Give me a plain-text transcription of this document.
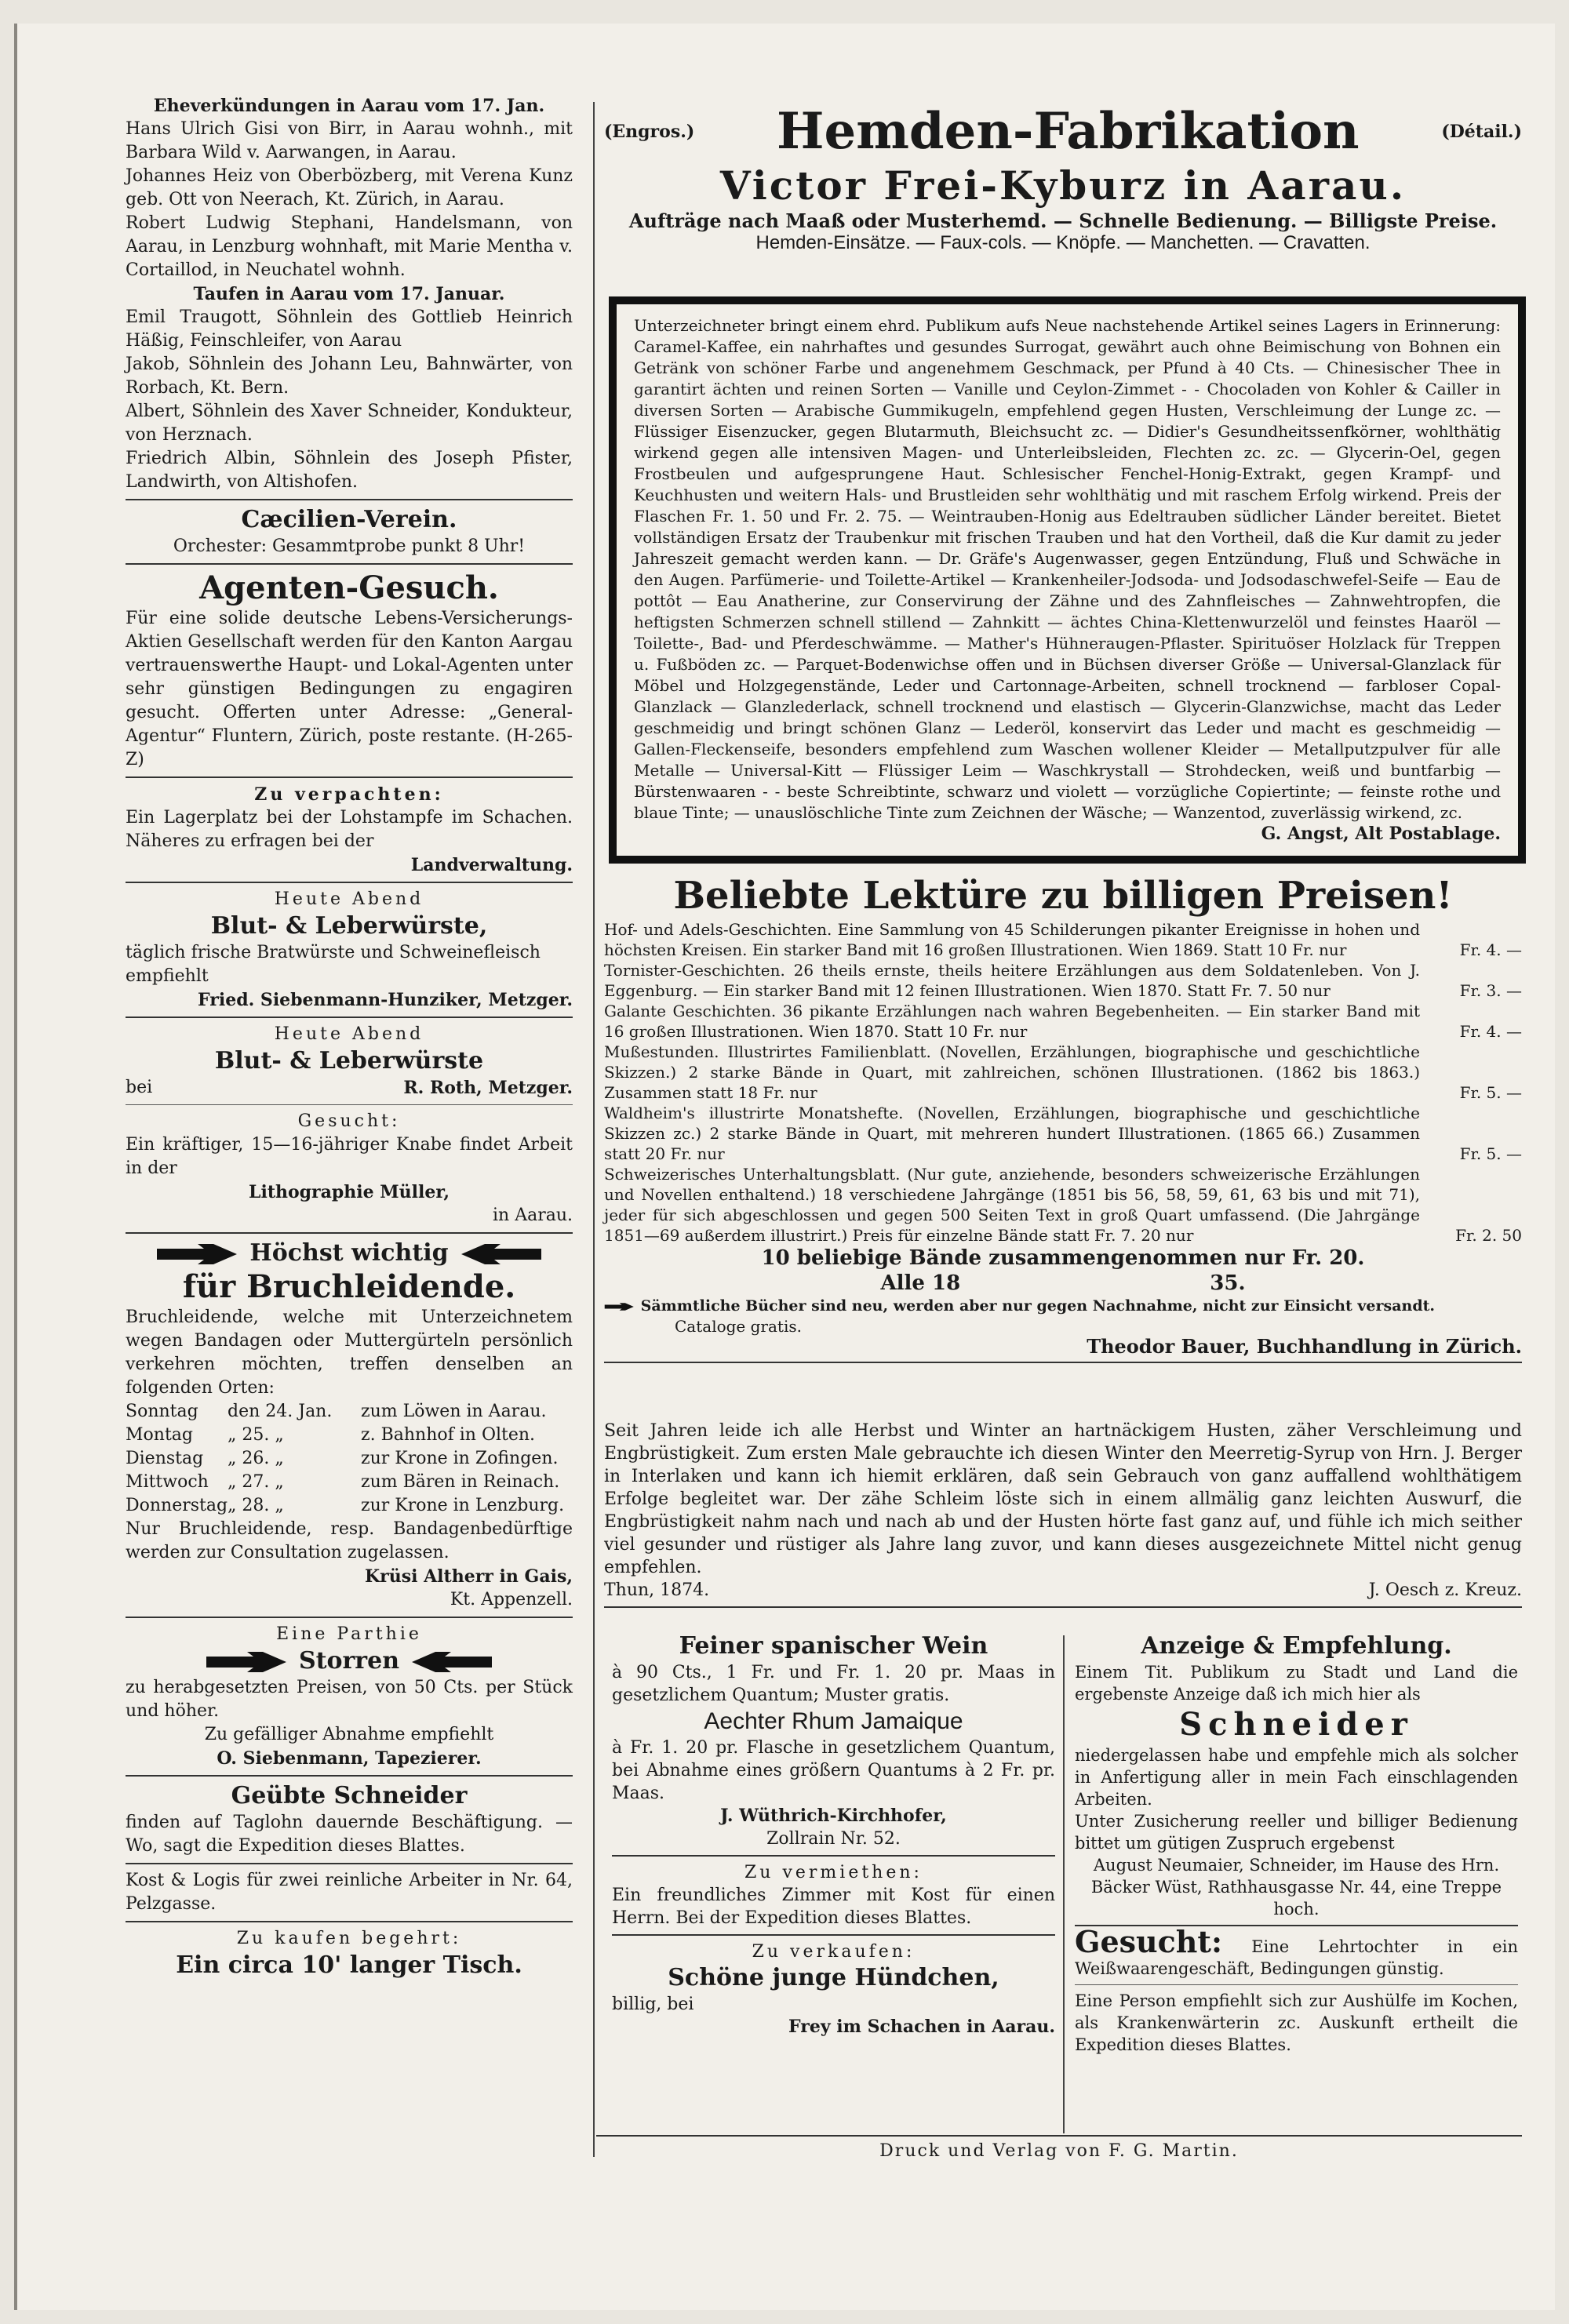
Eheverkündungen in Aarau vom 17. Jan.
Hans Ulrich Gisi von Birr, in Aarau wohnh., mit Barbara Wild v. Aarwangen, in Aarau.
Johannes Heiz von Oberbözberg, mit Verena Kunz geb. Ott von Neerach, Kt. Zürich, in Aarau.
Robert Ludwig Stephani, Handelsmann, von Aarau, in Lenzburg wohnhaft, mit Marie Mentha v. Cortaillod, in Neuchatel wohnh.
Taufen in Aarau vom 17. Januar.
Emil Traugott, Söhnlein des Gottlieb Heinrich Häßig, Feinschleifer, von Aarau
Jakob, Söhnlein des Johann Leu, Bahnwärter, von Rorbach, Kt. Bern.
Albert, Söhnlein des Xaver Schneider, Kondukteur, von Herznach.
Friedrich Albin, Söhnlein des Joseph Pfister, Landwirth, von Altishofen.
Cæcilien-Verein.
Orchester: Gesammtprobe punkt 8 Uhr!
Agenten-Gesuch.
Für eine solide deutsche Lebens-Versicherungs-Aktien Gesellschaft werden für den Kanton Aargau vertrauenswerthe Haupt- und Lokal-Agenten unter sehr günstigen Bedingungen zu engagiren gesucht. Offerten unter Adresse: „General-Agentur“ Fluntern, Zürich, poste restante. (H-265-Z)
Zu verpachten:
Ein Lagerplatz bei der Lohstampfe im Schachen. Näheres zu erfragen bei der
Landverwaltung.
Heute Abend
Blut- & Leberwürste,
täglich frische Bratwürste und Schweinefleisch empfiehlt
Fried. Siebenmann-Hunziker, Metzger.
Heute Abend
Blut- & Leberwürste
bei	R. Roth, Metzger.
Gesucht:
Ein kräftiger, 15—16-jähriger Knabe findet Arbeit in der
Lithographie Müller,
in Aarau.
Höchst wichtig
für Bruchleidende.
Bruchleidende, welche mit Unterzeichnetem wegen Bandagen oder Muttergürteln persönlich verkehren möchten, treffen denselben an folgenden Orten:
Sonntag	den 24. Jan.	zum Löwen in Aarau.
Montag	„ 25. „	z. Bahnhof in Olten.
Dienstag	„ 26. „	zur Krone in Zofingen.
Mittwoch	„ 27. „	zum Bären in Reinach.
Donnerstag „ 28. „	zur Krone in Lenzburg.
Nur Bruchleidende, resp. Bandagenbedürftige werden zur Consultation zugelassen.
Krüsi Altherr in Gais,
Kt. Appenzell.
Eine Parthie
Storren
zu herabgesetzten Preisen, von 50 Cts. per Stück und höher.
Zu gefälliger Abnahme empfiehlt
O. Siebenmann, Tapezierer.
Geübte Schneider
finden auf Taglohn dauernde Beschäftigung. — Wo, sagt die Expedition dieses Blattes.
Kost & Logis für zwei reinliche Arbeiter in Nr. 64, Pelzgasse.
Zu kaufen begehrt:
Ein circa 10' langer Tisch.
(Engros.) Hemden-Fabrikation	(Détail.)
Victor Frei-Kyburz in Aarau.
Aufträge nach Maaß oder Musterhemd. — Schnelle Bedienung. — Billigste Preise.
Hemden-Einsätze. — Faux-cols. — Knöpfe. — Manchetten. — Cravatten.
Unterzeichneter bringt einem ehrd. Publikum aufs Neue nachstehende Artikel seines Lagers in Erinnerung: Caramel-Kaffee, ein nahrhaftes und gesundes Surrogat, gewährt auch ohne Beimischung von Bohnen ein Getränk von schöner Farbe und angenehmem Geschmack, per Pfund à 40 Cts. — Chinesischer Thee in garantirt ächten und reinen Sorten — Vanille und Ceylon-Zimmet - - Chocoladen von Kohler & Cailler in diversen Sorten — Arabische Gummikugeln, empfehlend gegen Husten, Verschleimung der Lunge zc. — Flüssiger Eisenzucker, gegen Blutarmuth, Bleichsucht zc. — Didier's Gesundheitssenfkörner, wohlthätig wirkend gegen alle intensiven Magen- und Unterleibsleiden, Flechten zc. zc. — Glycerin-Oel, gegen Frostbeulen und aufgesprungene Haut. Schlesischer Fenchel-Honig-Extrakt, gegen Krampf- und Keuchhusten und weitern Hals- und Brustleiden sehr wohlthätig und mit raschem Erfolg wirkend. Preis der Flaschen Fr. 1. 50 und Fr. 2. 75. — Weintrauben-Honig aus Edeltrauben südlicher Länder bereitet. Bietet vollständigen Ersatz der Traubenkur mit frischen Trauben und hat den Vortheil, daß die Kur damit zu jeder Jahreszeit gemacht werden kann. — Dr. Gräfe's Augenwasser, gegen Entzündung, Fluß und Schwäche in den Augen. Parfümerie- und Toilette-Artikel — Krankenheiler-Jodsoda- und Jodsodaschwefel-Seife — Eau de pottôt — Eau Anatherine, zur Conservirung der Zähne und des Zahnfleisches — Zahnwehtropfen, die heftigsten Schmerzen schnell stillend — Zahnkitt — ächtes China-Klettenwurzelöl und feinstes Haaröl — Toilette-, Bad- und Pferdeschwämme. — Mather's Hühneraugen-Pflaster. Spirituöser Holzlack für Treppen u. Fußböden zc. — Parquet-Bodenwichse offen und in Büchsen diverser Größe — Universal-Glanzlack für Möbel und Holzgegenstände, Leder und Cartonnage-Arbeiten, schnell trocknend — farbloser Copal-Glanzlack — Glanzlederlack, schnell trocknend und elastisch — Glycerin-Glanzwichse, macht das Leder geschmeidig und bringt schönen Glanz — Lederöl, konservirt das Leder und macht es geschmeidig — Gallen-Fleckenseife, besonders empfehlend zum Waschen wollener Kleider — Metallputzpulver für alle Metalle — Universal-Kitt — Flüssiger Leim — Waschkrystall — Strohdecken, weiß und buntfarbig — Bürstenwaaren - - beste Schreibtinte, schwarz und violett — vorzügliche Copiertinte; — feinste rothe und blaue Tinte; — unauslöschliche Tinte zum Zeichnen der Wäsche; — Wanzentod, zuverlässig wirkend, zc.
G. Angst, Alt Postablage.
Beliebte Lektüre zu billigen Preisen!
Hof- und Adels-Geschichten. Eine Sammlung von 45 Schilderungen pikanter Ereignisse in hohen und höchsten Kreisen. Ein starker Band mit 16 großen Illustrationen. Wien 1869. Statt 10 Fr. nur	Fr. 4. —
Tornister-Geschichten. 26 theils ernste, theils heitere Erzählungen aus dem Soldatenleben. Von J. Eggenburg. — Ein starker Band mit 12 feinen Illustrationen. Wien 1870. Statt Fr. 7. 50 nur	Fr. 3. —
Galante Geschichten. 36 pikante Erzählungen nach wahren Begebenheiten. — Ein starker Band mit 16 großen Illustrationen. Wien 1870. Statt 10 Fr. nur	Fr. 4. —
Mußestunden. Illustrirtes Familienblatt. (Novellen, Erzählungen, biographische und geschichtliche Skizzen.) 2 starke Bände in Quart, mit zahlreichen, schönen Illustrationen. (1862 bis 1863.) Zusammen statt 18 Fr. nur	Fr. 5. —
Waldheim's illustrirte Monatshefte. (Novellen, Erzählungen, biographische und geschichtliche Skizzen zc.) 2 starke Bände in Quart, mit mehreren hundert Illustrationen. (1865 66.) Zusammen statt 20 Fr. nur	Fr. 5. —
Schweizerisches Unterhaltungsblatt. (Nur gute, anziehende, besonders schweizerische Erzählungen und Novellen enthaltend.) 18 verschiedene Jahrgänge (1851 bis 56, 58, 59, 61, 63 bis und mit 71), jeder für sich abgeschlossen und gegen 500 Seiten Text in groß Quart umfassend. (Die Jahrgänge 1851—69 außerdem illustrirt.) Preis für einzelne Bände statt Fr. 7. 20 nur	Fr. 2. 50
10 beliebige Bände zusammengenommen nur Fr. 20.
Alle 18	35.
Sämmtliche Bücher sind neu, werden aber nur gegen Nachnahme, nicht zur Einsicht versandt.
Cataloge gratis.
Theodor Bauer, Buchhandlung in Zürich.
Seit Jahren leide ich alle Herbst und Winter an hartnäckigem Husten, zäher Verschleimung und Engbrüstigkeit. Zum ersten Male gebrauchte ich diesen Winter den Meerretig-Syrup von Hrn. J. Berger in Interlaken und kann ich hiemit erklären, daß sein Gebrauch von ganz auffallend wohlthätigem Erfolge begleitet war. Der zähe Schleim löste sich in einem allmälig ganz leichten Auswurf, die Engbrüstigkeit nahm nach und nach ab und der Husten hörte fast ganz auf, und fühle ich mich seither viel gesunder und rüstiger als Jahre lang zuvor, und kann dieses ausgezeichnete Mittel nicht genug empfehlen.
Thun, 1874.	J. Oesch z. Kreuz.
Feiner spanischer Wein
à 90 Cts., 1 Fr. und Fr. 1. 20 pr. Maas in gesetzlichem Quantum; Muster gratis.
Aechter Rhum Jamaique
à Fr. 1. 20 pr. Flasche in gesetzlichem Quantum, bei Abnahme eines größern Quantums à 2 Fr. pr. Maas.
J. Wüthrich-Kirchhofer,
Zollrain Nr. 52.
Zu vermiethen:
Ein freundliches Zimmer mit Kost für einen Herrn. Bei der Expedition dieses Blattes.
Zu verkaufen:
Schöne junge Hündchen,
billig, bei
Frey im Schachen in Aarau.
Anzeige & Empfehlung.
Einem Tit. Publikum zu Stadt und Land die ergebenste Anzeige daß ich mich hier als
Schneider
niedergelassen habe und empfehle mich als solcher in Anfertigung aller in mein Fach einschlagenden Arbeiten.
Unter Zusicherung reeller und billiger Bedienung bittet um gütigen Zuspruch ergebenst
August Neumaier, Schneider, im Hause des Hrn. Bäcker Wüst, Rathhausgasse Nr. 44, eine Treppe hoch.
Gesucht: Eine Lehrtochter in ein Weißwaarengeschäft, Bedingungen günstig.
Eine Person empfiehlt sich zur Aushülfe im Kochen, als Krankenwärterin zc. Auskunft ertheilt die Expedition dieses Blattes.
Druck und Verlag von F. G. Martin.
